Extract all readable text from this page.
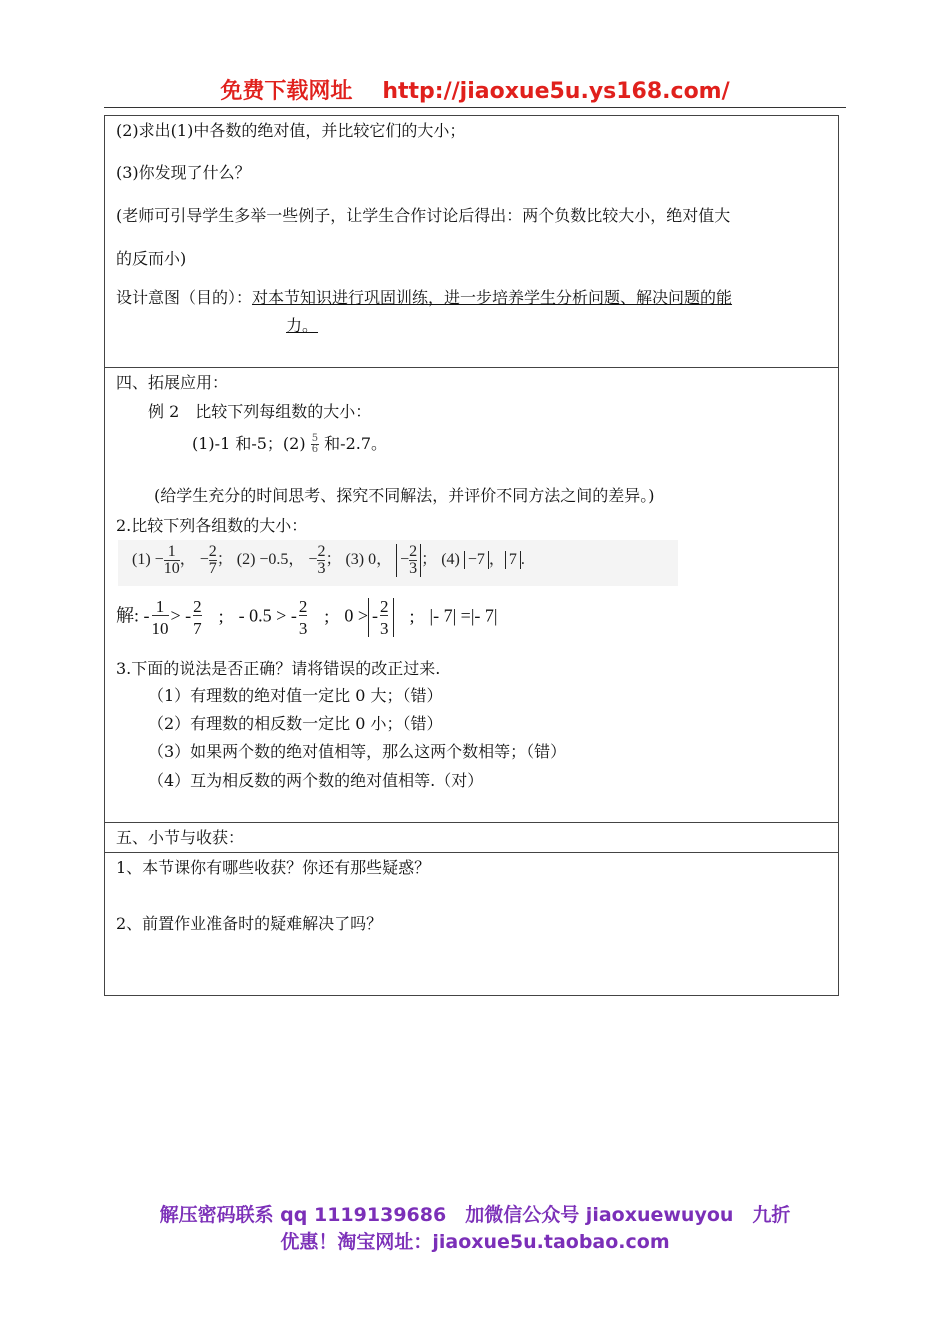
免费下载网址 http://jiaoxue5u.ys168.com/
(2)求出(1)中各数的绝对值，并比较它们的大小；
(3)你发现了什么？
(老师可引导学生多举一些例子，让学生合作讨论后得出：两个负数比较大小，绝对值大
的反而小)
设计意图（目的）：对本节知识进行巩固训练，进一步培养学生分析问题、解决问题的能
力。
四、拓展应用：
例 2　比较下列每组数的大小：
(1)-1 和-5；$(2) \frac{5}{6}$ 和-2.7。
(给学生充分的时间思考、探究不同解法，并评价不同方法之间的差异。)
2.比较下列各组数的大小：
$(1) - \frac{1}{10}$ ， − $\frac{2}{7}$ ； (2) −0.5， − $\frac{2}{3}$ ； (3) 0， − $\frac{2}{3}$ ； (4) −7 ， 7 .
解: - $\frac{1}{10}$ > - $\frac{2}{7}$ ; - 0.5 > - $\frac{2}{3}$ ; 0 > - $\frac{2}{3}$ ; |- 7| =|- 7|
3.下面的说法是否正确？请将错误的改正过来.
（1）有理数的绝对值一定比 0 大；（错）
（2）有理数的相反数一定比 0 小；（错）
（3）如果两个数的绝对值相等，那么这两个数相等；（错）
（4）互为相反数的两个数的绝对值相等.（对）
五、小节与收获：
1、本节课你有哪些收获？你还有那些疑惑？
2、前置作业准备时的疑难解决了吗？
解压密码联系 qq 1119139686　加微信公众号 jiaoxuewuyou　九折
优惠！淘宝网址：jiaoxue5u.taobao.com
